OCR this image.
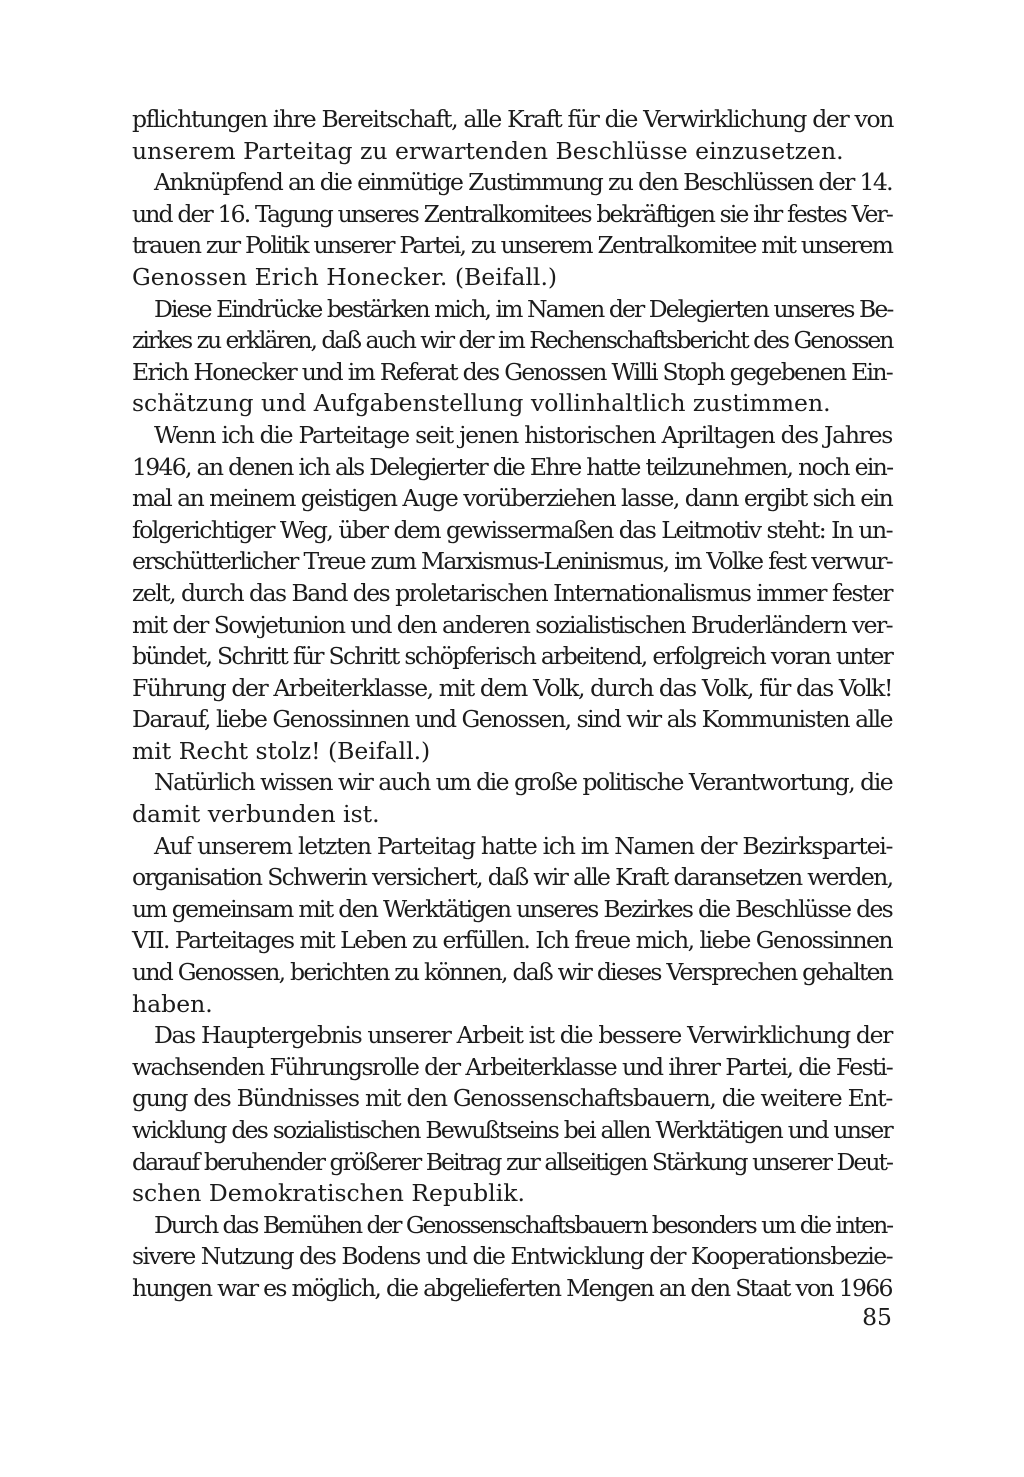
pflichtungen ihre Bereitschaft, alle Kraft für die Verwirklichung der von
unserem Parteitag zu erwartenden Beschlüsse einzusetzen.
Anknüpfend an die einmütige Zustimmung zu den Beschlüssen der 14.
und der 16. Tagung unseres Zentralkomitees bekräftigen sie ihr festes Ver-
trauen zur Politik unserer Partei, zu unserem Zentralkomitee mit unserem
Genossen Erich Honecker. (Beifall.)
Diese Eindrücke bestärken mich, im Namen der Delegierten unseres Be-
zirkes zu erklären, daß auch wir der im Rechenschaftsbericht des Genossen
Erich Honecker und im Referat des Genossen Willi Stoph gegebenen Ein-
schätzung und Aufgabenstellung vollinhaltlich zustimmen.
Wenn ich die Parteitage seit jenen historischen Apriltagen des Jahres
1946, an denen ich als Delegierter die Ehre hatte teilzunehmen, noch ein-
mal an meinem geistigen Auge vorüberziehen lasse, dann ergibt sich ein
folgerichtiger Weg, über dem gewissermaßen das Leitmotiv steht: In un-
erschütterlicher Treue zum Marxismus-Leninismus, im Volke fest verwur-
zelt, durch das Band des proletarischen Internationalismus immer fester
mit der Sowjetunion und den anderen sozialistischen Bruderländern ver-
bündet, Schritt für Schritt schöpferisch arbeitend, erfolgreich voran unter
Führung der Arbeiterklasse, mit dem Volk, durch das Volk, für das Volk!
Darauf, liebe Genossinnen und Genossen, sind wir als Kommunisten alle
mit Recht stolz! (Beifall.)
Natürlich wissen wir auch um die große politische Verantwortung, die
damit verbunden ist.
Auf unserem letzten Parteitag hatte ich im Namen der Bezirkspartei-
organisation Schwerin versichert, daß wir alle Kraft daransetzen werden,
um gemeinsam mit den Werktätigen unseres Bezirkes die Beschlüsse des
VII. Parteitages mit Leben zu erfüllen. Ich freue mich, liebe Genossinnen
und Genossen, berichten zu können, daß wir dieses Versprechen gehalten
haben.
Das Hauptergebnis unserer Arbeit ist die bessere Verwirklichung der
wachsenden Führungsrolle der Arbeiterklasse und ihrer Partei, die Festi-
gung des Bündnisses mit den Genossenschaftsbauern, die weitere Ent-
wicklung des sozialistischen Bewußtseins bei allen Werktätigen und unser
darauf beruhender größerer Beitrag zur allseitigen Stärkung unserer Deut-
schen Demokratischen Republik.
Durch das Bemühen der Genossenschaftsbauern besonders um die inten-
sivere Nutzung des Bodens und die Entwicklung der Kooperationsbezie-
hungen war es möglich, die abgelieferten Mengen an den Staat von 1966
85
